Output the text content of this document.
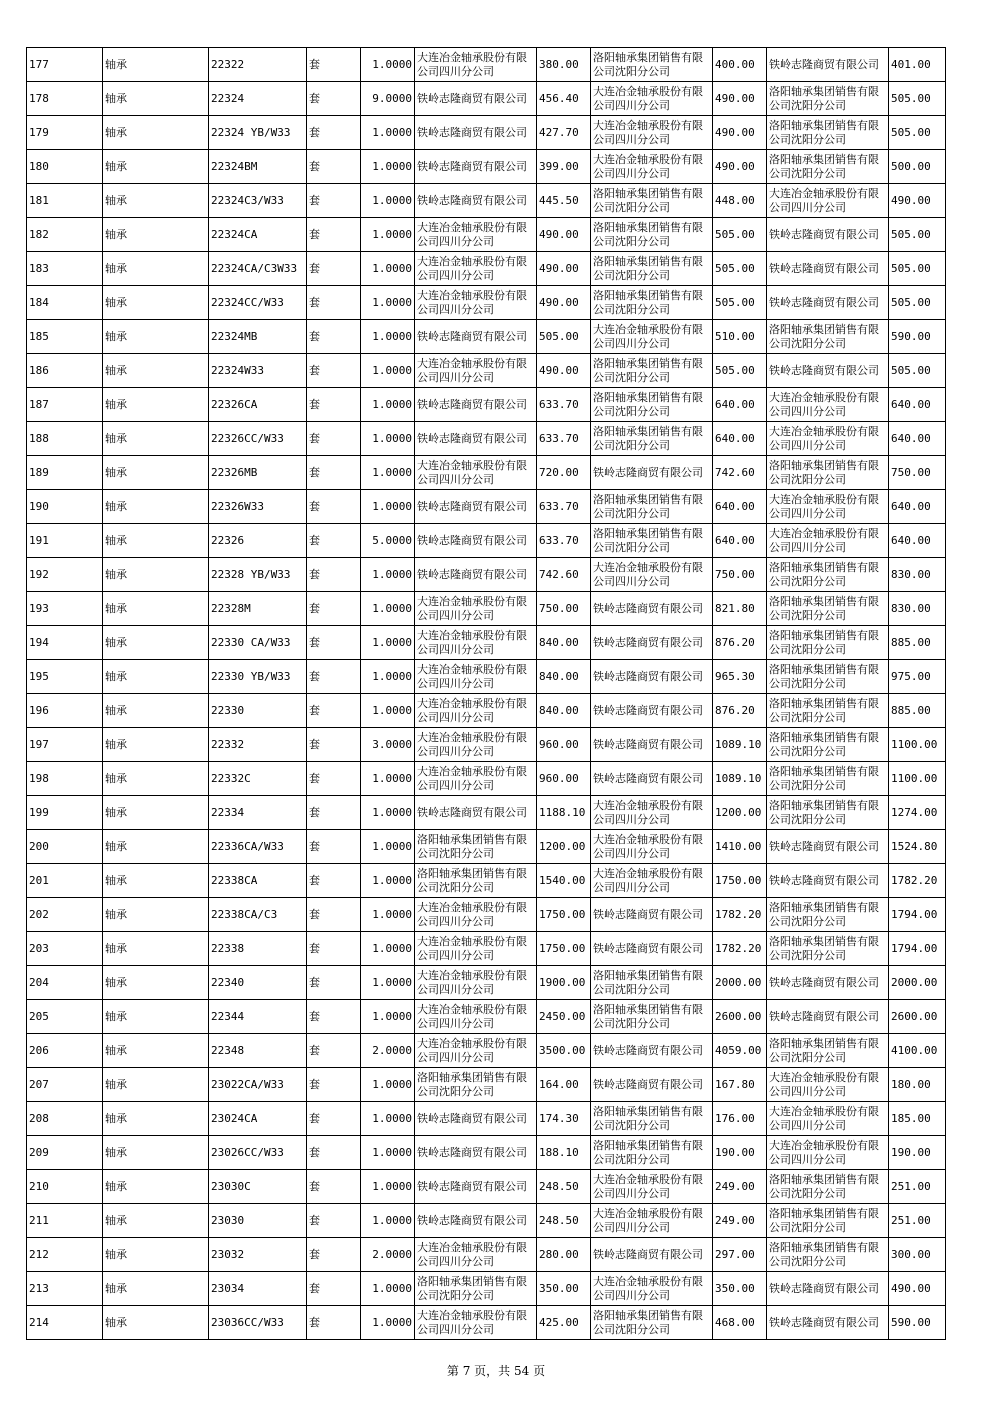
177	轴承	22322	套	1.0000	大连冶金轴承股份有限公司四川分公司	380.00	洛阳轴承集团销售有限公司沈阳分公司	400.00	铁岭志隆商贸有限公司	401.00
178	轴承	22324	套	9.0000	铁岭志隆商贸有限公司	456.40	大连冶金轴承股份有限公司四川分公司	490.00	洛阳轴承集团销售有限公司沈阳分公司	505.00
179	轴承	22324 YB/W33	套	1.0000	铁岭志隆商贸有限公司	427.70	大连冶金轴承股份有限公司四川分公司	490.00	洛阳轴承集团销售有限公司沈阳分公司	505.00
180	轴承	22324BM	套	1.0000	铁岭志隆商贸有限公司	399.00	大连冶金轴承股份有限公司四川分公司	490.00	洛阳轴承集团销售有限公司沈阳分公司	500.00
181	轴承	22324C3/W33	套	1.0000	铁岭志隆商贸有限公司	445.50	洛阳轴承集团销售有限公司沈阳分公司	448.00	大连冶金轴承股份有限公司四川分公司	490.00
182	轴承	22324CA	套	1.0000	大连冶金轴承股份有限公司四川分公司	490.00	洛阳轴承集团销售有限公司沈阳分公司	505.00	铁岭志隆商贸有限公司	505.00
183	轴承	22324CA/C3W33	套	1.0000	大连冶金轴承股份有限公司四川分公司	490.00	洛阳轴承集团销售有限公司沈阳分公司	505.00	铁岭志隆商贸有限公司	505.00
184	轴承	22324CC/W33	套	1.0000	大连冶金轴承股份有限公司四川分公司	490.00	洛阳轴承集团销售有限公司沈阳分公司	505.00	铁岭志隆商贸有限公司	505.00
185	轴承	22324MB	套	1.0000	铁岭志隆商贸有限公司	505.00	大连冶金轴承股份有限公司四川分公司	510.00	洛阳轴承集团销售有限公司沈阳分公司	590.00
186	轴承	22324W33	套	1.0000	大连冶金轴承股份有限公司四川分公司	490.00	洛阳轴承集团销售有限公司沈阳分公司	505.00	铁岭志隆商贸有限公司	505.00
187	轴承	22326CA	套	1.0000	铁岭志隆商贸有限公司	633.70	洛阳轴承集团销售有限公司沈阳分公司	640.00	大连冶金轴承股份有限公司四川分公司	640.00
188	轴承	22326CC/W33	套	1.0000	铁岭志隆商贸有限公司	633.70	洛阳轴承集团销售有限公司沈阳分公司	640.00	大连冶金轴承股份有限公司四川分公司	640.00
189	轴承	22326MB	套	1.0000	大连冶金轴承股份有限公司四川分公司	720.00	铁岭志隆商贸有限公司	742.60	洛阳轴承集团销售有限公司沈阳分公司	750.00
190	轴承	22326W33	套	1.0000	铁岭志隆商贸有限公司	633.70	洛阳轴承集团销售有限公司沈阳分公司	640.00	大连冶金轴承股份有限公司四川分公司	640.00
191	轴承	22326	套	5.0000	铁岭志隆商贸有限公司	633.70	洛阳轴承集团销售有限公司沈阳分公司	640.00	大连冶金轴承股份有限公司四川分公司	640.00
192	轴承	22328 YB/W33	套	1.0000	铁岭志隆商贸有限公司	742.60	大连冶金轴承股份有限公司四川分公司	750.00	洛阳轴承集团销售有限公司沈阳分公司	830.00
193	轴承	22328M	套	1.0000	大连冶金轴承股份有限公司四川分公司	750.00	铁岭志隆商贸有限公司	821.80	洛阳轴承集团销售有限公司沈阳分公司	830.00
194	轴承	22330 CA/W33	套	1.0000	大连冶金轴承股份有限公司四川分公司	840.00	铁岭志隆商贸有限公司	876.20	洛阳轴承集团销售有限公司沈阳分公司	885.00
195	轴承	22330 YB/W33	套	1.0000	大连冶金轴承股份有限公司四川分公司	840.00	铁岭志隆商贸有限公司	965.30	洛阳轴承集团销售有限公司沈阳分公司	975.00
196	轴承	22330	套	1.0000	大连冶金轴承股份有限公司四川分公司	840.00	铁岭志隆商贸有限公司	876.20	洛阳轴承集团销售有限公司沈阳分公司	885.00
197	轴承	22332	套	3.0000	大连冶金轴承股份有限公司四川分公司	960.00	铁岭志隆商贸有限公司	1089.10	洛阳轴承集团销售有限公司沈阳分公司	1100.00
198	轴承	22332C	套	1.0000	大连冶金轴承股份有限公司四川分公司	960.00	铁岭志隆商贸有限公司	1089.10	洛阳轴承集团销售有限公司沈阳分公司	1100.00
199	轴承	22334	套	1.0000	铁岭志隆商贸有限公司	1188.10	大连冶金轴承股份有限公司四川分公司	1200.00	洛阳轴承集团销售有限公司沈阳分公司	1274.00
200	轴承	22336CA/W33	套	1.0000	洛阳轴承集团销售有限公司沈阳分公司	1200.00	大连冶金轴承股份有限公司四川分公司	1410.00	铁岭志隆商贸有限公司	1524.80
201	轴承	22338CA	套	1.0000	洛阳轴承集团销售有限公司沈阳分公司	1540.00	大连冶金轴承股份有限公司四川分公司	1750.00	铁岭志隆商贸有限公司	1782.20
202	轴承	22338CA/C3	套	1.0000	大连冶金轴承股份有限公司四川分公司	1750.00	铁岭志隆商贸有限公司	1782.20	洛阳轴承集团销售有限公司沈阳分公司	1794.00
203	轴承	22338	套	1.0000	大连冶金轴承股份有限公司四川分公司	1750.00	铁岭志隆商贸有限公司	1782.20	洛阳轴承集团销售有限公司沈阳分公司	1794.00
204	轴承	22340	套	1.0000	大连冶金轴承股份有限公司四川分公司	1900.00	洛阳轴承集团销售有限公司沈阳分公司	2000.00	铁岭志隆商贸有限公司	2000.00
205	轴承	22344	套	1.0000	大连冶金轴承股份有限公司四川分公司	2450.00	洛阳轴承集团销售有限公司沈阳分公司	2600.00	铁岭志隆商贸有限公司	2600.00
206	轴承	22348	套	2.0000	大连冶金轴承股份有限公司四川分公司	3500.00	铁岭志隆商贸有限公司	4059.00	洛阳轴承集团销售有限公司沈阳分公司	4100.00
207	轴承	23022CA/W33	套	1.0000	洛阳轴承集团销售有限公司沈阳分公司	164.00	铁岭志隆商贸有限公司	167.80	大连冶金轴承股份有限公司四川分公司	180.00
208	轴承	23024CA	套	1.0000	铁岭志隆商贸有限公司	174.30	洛阳轴承集团销售有限公司沈阳分公司	176.00	大连冶金轴承股份有限公司四川分公司	185.00
209	轴承	23026CC/W33	套	1.0000	铁岭志隆商贸有限公司	188.10	洛阳轴承集团销售有限公司沈阳分公司	190.00	大连冶金轴承股份有限公司四川分公司	190.00
210	轴承	23030C	套	1.0000	铁岭志隆商贸有限公司	248.50	大连冶金轴承股份有限公司四川分公司	249.00	洛阳轴承集团销售有限公司沈阳分公司	251.00
211	轴承	23030	套	1.0000	铁岭志隆商贸有限公司	248.50	大连冶金轴承股份有限公司四川分公司	249.00	洛阳轴承集团销售有限公司沈阳分公司	251.00
212	轴承	23032	套	2.0000	大连冶金轴承股份有限公司四川分公司	280.00	铁岭志隆商贸有限公司	297.00	洛阳轴承集团销售有限公司沈阳分公司	300.00
213	轴承	23034	套	1.0000	洛阳轴承集团销售有限公司沈阳分公司	350.00	大连冶金轴承股份有限公司四川分公司	350.00	铁岭志隆商贸有限公司	490.00
214	轴承	23036CC/W33	套	1.0000	大连冶金轴承股份有限公司四川分公司	425.00	洛阳轴承集团销售有限公司沈阳分公司	468.00	铁岭志隆商贸有限公司	590.00
第 7 页，共 54 页
